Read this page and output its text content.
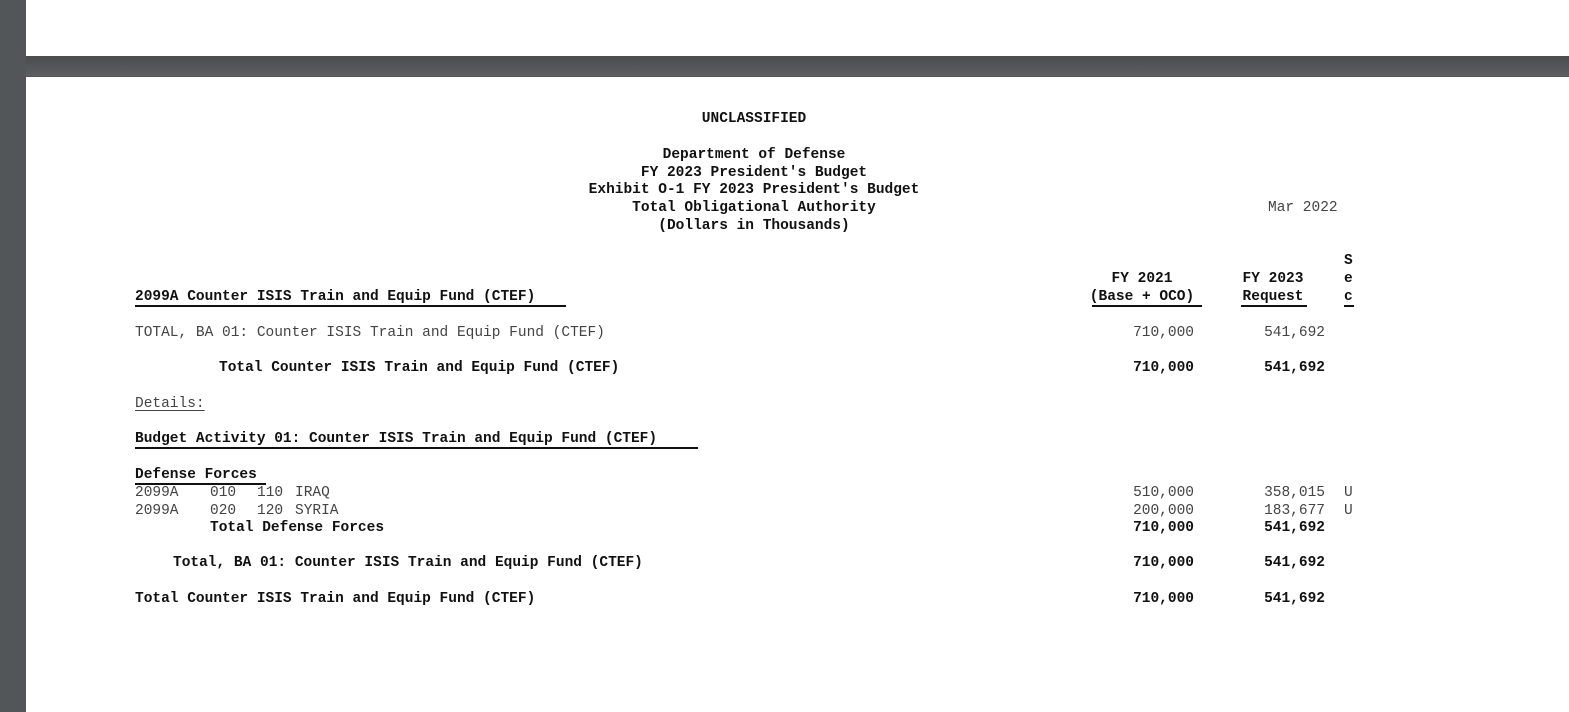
UNCLASSIFIED
Department of Defense
FY 2023 President's Budget
Exhibit O-1 FY 2023 President's Budget
Total Obligational Authority
(Dollars in Thousands)
Mar 2022
FY 2021
(Base + OCO)
FY 2023
Request
S
e
c
2099A Counter ISIS Train and Equip Fund (CTEF)
TOTAL, BA 01: Counter ISIS Train and Equip Fund (CTEF)	710,000	541,692
Total Counter ISIS Train and Equip Fund (CTEF)	710,000	541,692
Details:
Budget Activity 01: Counter ISIS Train and Equip Fund (CTEF)
Defense Forces
2099A 010 110 IRAQ	510,000	358,015 U
2099A 020 120 SYRIA	200,000	183,677 U
Total Defense Forces	710,000	541,692
Total, BA 01: Counter ISIS Train and Equip Fund (CTEF)	710,000	541,692
Total Counter ISIS Train and Equip Fund (CTEF)	710,000	541,692
